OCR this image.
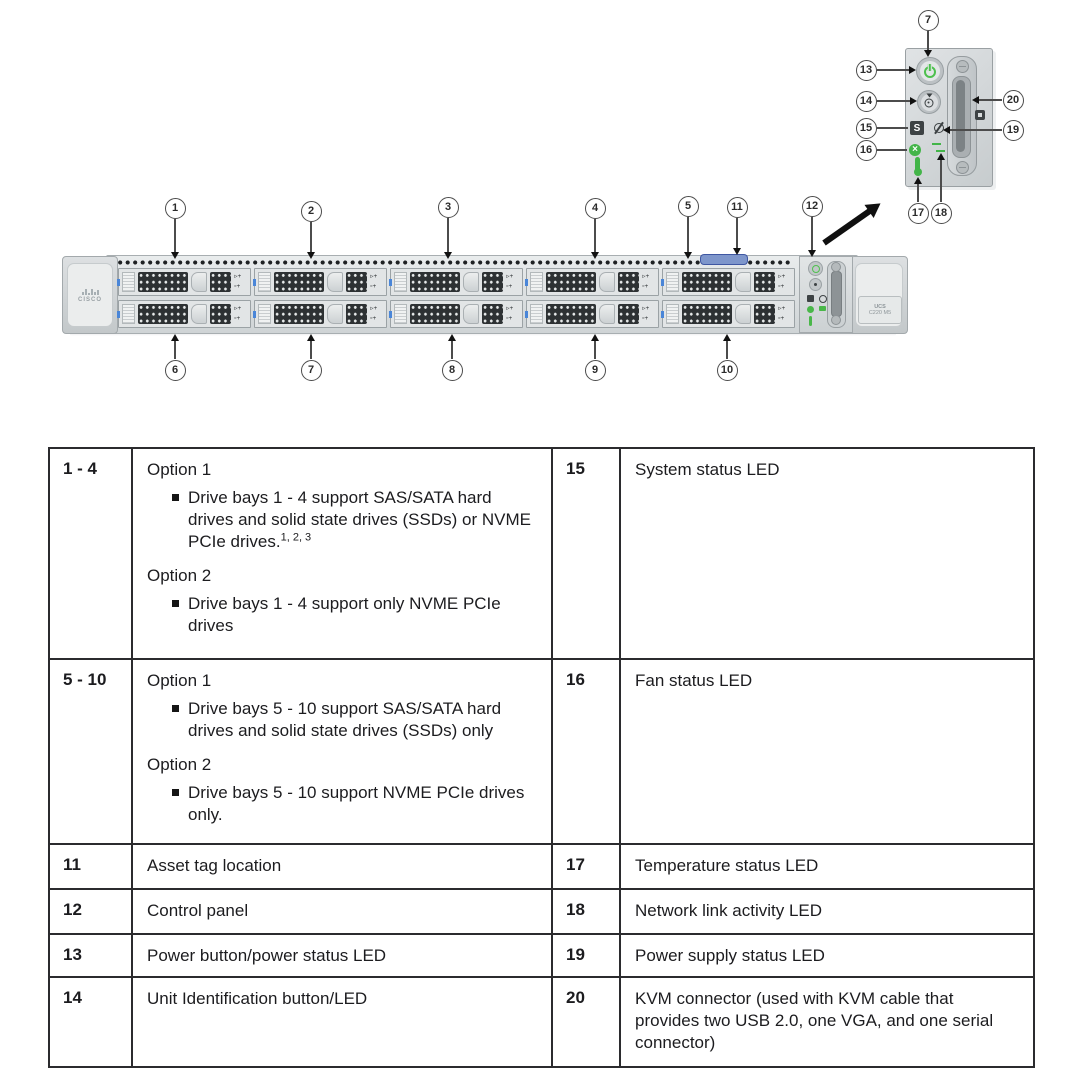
S
×
CISCO
UCS
C220 M5
▹+
▫+
▹+
▫+
▹+
▫+
▹+
▫+
▹+
▫+
▹+
▫+
▹+
▫+
▹+
▫+
▹+
▫+
▹+
▫+
1	2	3	4	5	11	12
6	7	8	9	10
7
13
14
15
16
17 18
19
20
1 - 4	Option 1
Drive bays 1 - 4 support SAS/SATA hard drives and solid state drives (SSDs) or NVME PCIe drives.$^{1, 2, 3}$
Option 2
Drive bays 1 - 4 support only NVME PCIe drives
15	System status LED
5 - 10	Option 1
Drive bays 5 - 10 support SAS/SATA hard drives and solid state drives (SSDs) only
Option 2
Drive bays 5 - 10 support NVME PCIe drives only.
16	Fan status LED
11	Asset tag location	17	Temperature status LED
12	Control panel	18	Network link activity LED
13	Power button/power status LED	19	Power supply status LED
14	Unit Identification button/LED	20	KVM connector (used with KVM cable that provides two USB 2.0, one VGA, and one serial connector)
